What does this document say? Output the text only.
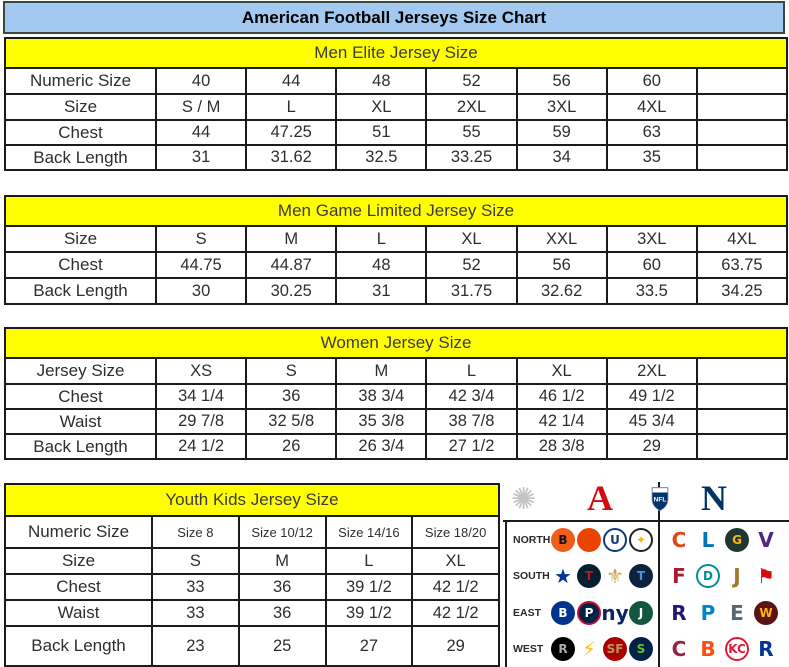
American Football Jerseys Size Chart
Men Elite Jersey Size							
Numeric Size	40	44	48	52	56	60	
Size	S / M	L	XL	2XL	3XL	4XL	
Chest	44	47.25	51	55	59	63	
Back Length	31	31.62	32.5	33.25	34	35	
Men Game Limited Jersey Size							
Size	S	M	L	XL	XXL	3XL	4XL
Chest	44.75	44.87	48	52	56	60	63.75
Back Length	30	30.25	31	31.75	32.62	33.5	34.25
Women Jersey Size							
Jersey Size	XS	S	M	L	XL	2XL	
Chest	34 1/4	36	38 3/4	42 3/4	46 1/2	49 1/2	
Waist	29 7/8	32 5/8	35 3/8	38 7/8	42 1/4	45 3/4	
Back Length	24 1/2	26	26 3/4	27 1/2	28 3/8	29	
Youth Kids Jersey Size				
Numeric Size	Size 8	Size 10/12	Size 14/16	Size 18/20
Size	S	M	L	XL
Chest	33	36	39 1/2	42 1/2
Waist	33	36	39 1/2	42 1/2
Back Length	23	25	27	29
✺ A	NFL N
NORTH B	U	✦	C L	G V
SOUTH ★	T ⚜	T	F	D	J ⚑
EAST	B	P ny J	R P E	W
WEST	R ⚡ SF	S	C B	KC R
